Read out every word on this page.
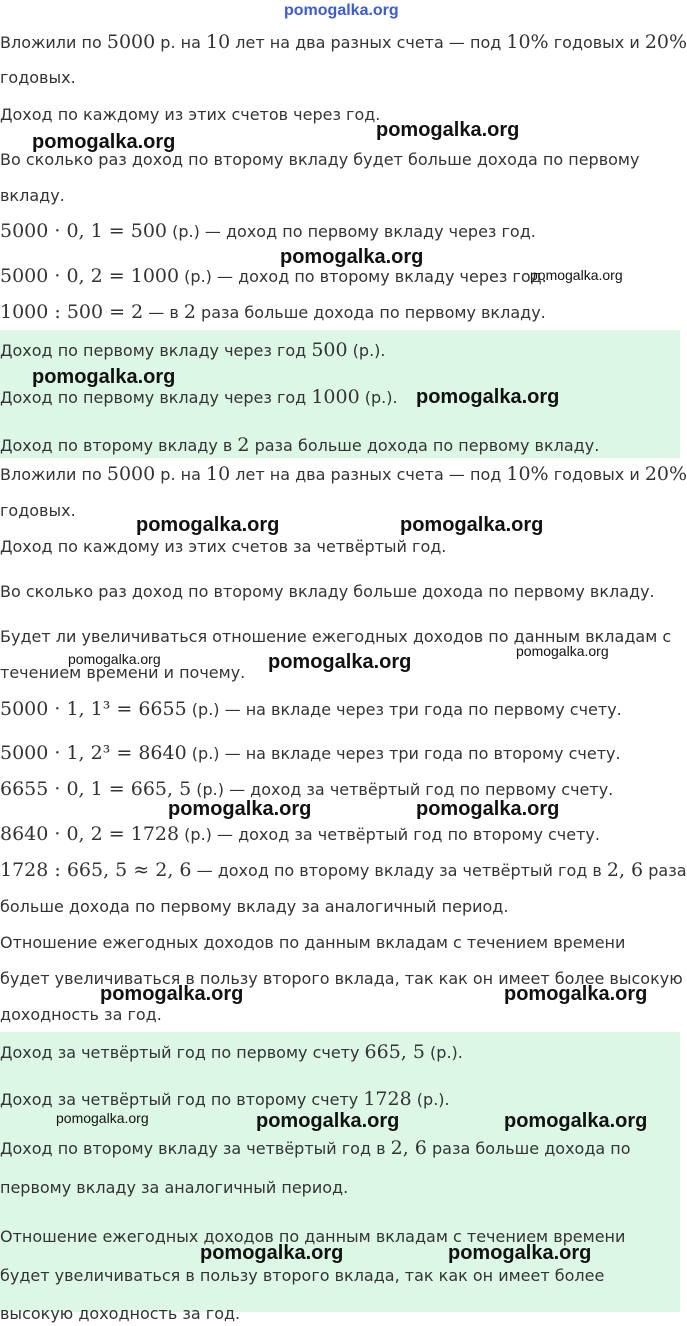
Вложили по 5000 р. на 10 лет на два разных счета — под 10% годовых и 20%

годовых.

Доход по каждому из этих счетов через год.

Во сколько раз доход по второму вкладу будет больше дохода по первому

вкладу.

5000 · 0, 1 = 500 (р.) — доход по первому вкладу через год.

5000 · 0, 2 = 1000 (р.) — доход по второму вкладу через год.

1000 : 500 = 2 — в 2 раза больше дохода по первому вкладу.

Доход по первому вкладу через год 500 (р.).

Доход по первому вкладу через год 1000 (р.).

Доход по второму вкладу в 2 раза больше дохода по первому вкладу.

Вложили по 5000 р. на 10 лет на два разных счета — под 10% годовых и 20%

годовых.

Доход по каждому из этих счетов за четвёртый год.

Во сколько раз доход по второму вкладу больше дохода по первому вкладу.

Будет ли увеличиваться отношение ежегодных доходов по данным вкладам с

течением времени и почему.

5000 · 1, 1³ = 6655 (р.) — на вкладе через три года по первому счету.

5000 · 1, 2³ = 8640 (р.) — на вкладе через три года по второму счету.

6655 · 0, 1 = 665, 5 (р.) — доход за четвёртый год по первому счету.

8640 · 0, 2 = 1728 (р.) — доход за четвёртый год по второму счету.

1728 : 665, 5 ≈ 2, 6 — доход по второму вкладу за четвёртый год в 2, 6 раза

больше дохода по первому вкладу за аналогичный период.

Отношение ежегодных доходов по данным вкладам с течением времени

будет увеличиваться в пользу второго вклада, так как он имеет более высокую

доходность за год.

Доход за четвёртый год по первому счету 665, 5 (р.).

Доход за четвёртый год по второму счету 1728 (р.).

Доход по второму вкладу за четвёртый год в 2, 6 раза больше дохода по

первому вкладу за аналогичный период.

Отношение ежегодных доходов по данным вкладам с течением времени

будет увеличиваться в пользу второго вклада, так как он имеет более

высокую доходность за год.

pomogalka.org
pomogalka.org
pomogalka.org
pomogalka.org
pomogalka.org
pomogalka.org
pomogalka.org
pomogalka.org	pomogalka.org
pomogalka.org	pomogalka.org	pomogalka.org
pomogalka.org	pomogalka.org
pomogalka.org	pomogalka.org
pomogalka.org	pomogalka.org	pomogalka.org
pomogalka.org	pomogalka.org
